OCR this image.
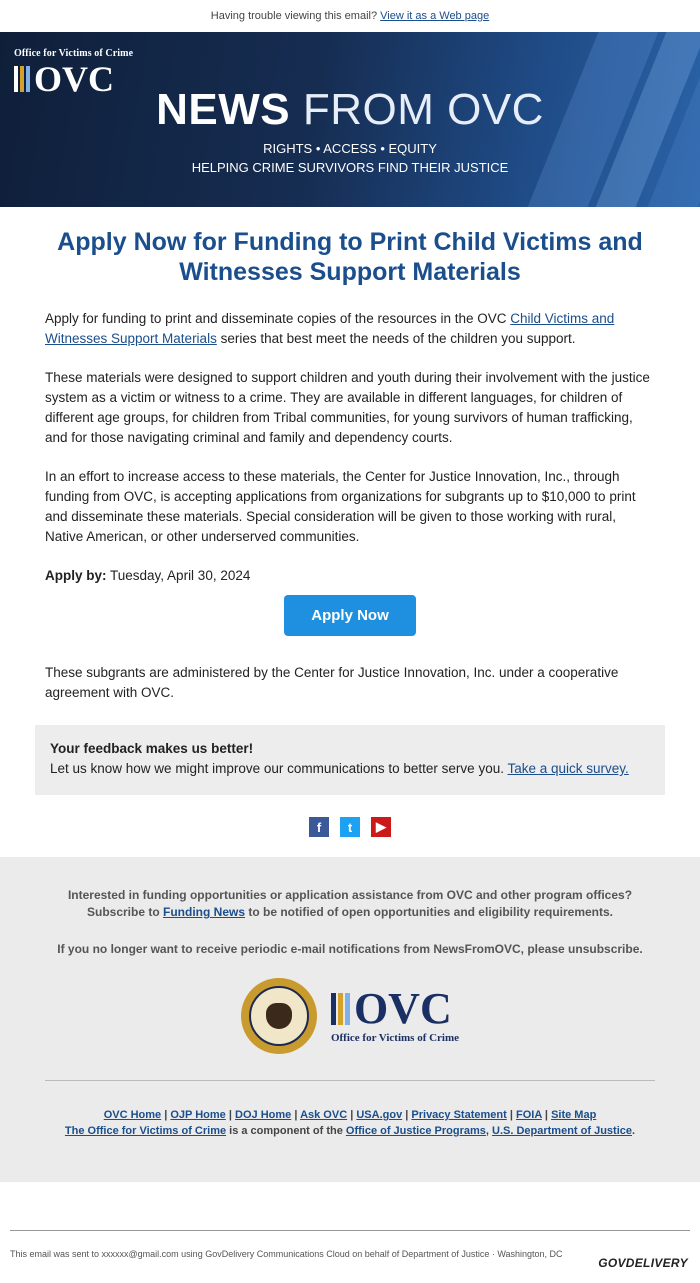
Having trouble viewing this email? View it as a Web page
Office for Victims of Crime
OVC
NEWS FROM OVC
RIGHTS • ACCESS • EQUITY
HELPING CRIME SURVIVORS FIND THEIR JUSTICE
Apply Now for Funding to Print Child Victims and Witnesses Support Materials

Apply for funding to print and disseminate copies of the resources in the OVC Child Victims and Witnesses Support Materials series that best meet the needs of the children you support.

These materials were designed to support children and youth during their involvement with the justice system as a victim or witness to a crime. They are available in different languages, for children of different age groups, for children from Tribal communities, for young survivors of human trafficking, and for those navigating criminal and family and dependency courts.

In an effort to increase access to these materials, the Center for Justice Innovation, Inc., through funding from OVC, is accepting applications from organizations for subgrants up to $10,000 to print and disseminate these materials. Special consideration will be given to those working with rural, Native American, or other underserved communities.

Apply by: Tuesday, April 30, 2024

Apply Now

These subgrants are administered by the Center for Justice Innovation, Inc. under a cooperative agreement with OVC.

Your feedback makes us better!
Let us know how we might improve our communications to better serve you. Take a quick survey.
f	t	▶

Interested in funding opportunities or application assistance from OVC and other program offices?

Subscribe to Funding News to be notified of open opportunities and eligibility requirements.

If you no longer want to receive periodic e-mail notifications from NewsFromOVC, please unsubscribe.

OVC
Office for Victims of Crime
OVC Home | OJP Home | DOJ Home | Ask OVC | USA.gov | Privacy Statement | FOIA | Site Map
The Office for Victims of Crime is a component of the Office of Justice Programs, U.S. Department of Justice.
This email was sent to xxxxxx@gmail.com using GovDelivery Communications Cloud on behalf of Department of Justice · Washington, DC
GOVDELIVERY
